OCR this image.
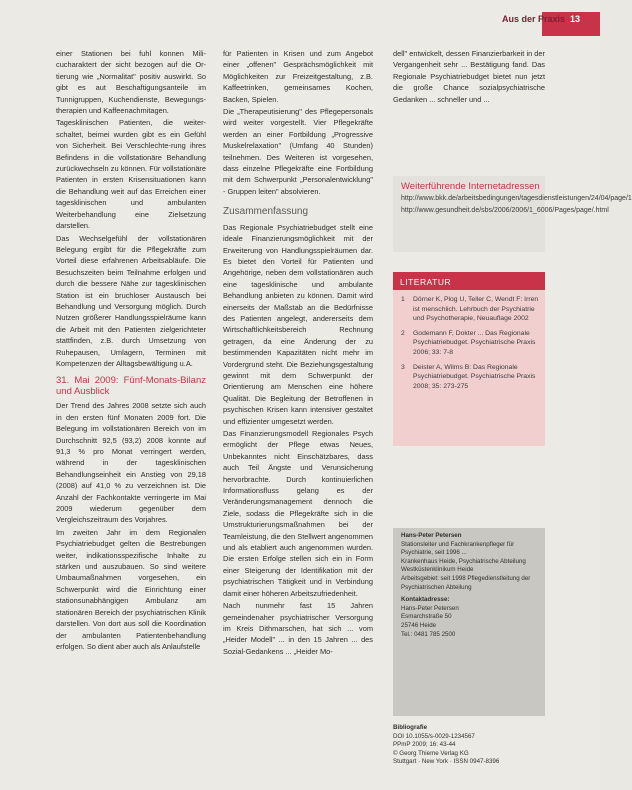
Aus der Praxis 13

einer Stationen bei fuhl konnen Mili-cucharaktert der sicht bezogen auf die Or-tierung wie „Normalitat" positiv auswirkt. So gibt es aut Beschaftigungsanteile im Tunnigruppen, Kuchendienste, Bewegungs-therapien und Kaffeenachmitagen.

Tagesklinischen Patienten, die weiter-schaltet, beimei wurden gibt es ein Gefühl von Sicherheit. Bei Verschlechte-rung ihres Befindens in die vollstationäre Behandlung zurückwechseln zu können. Für vollstationäre Patienten in ersten Krisensituationen kann die Behandlung weit auf das Erreichen einer tagesklinischen und ambulanten Weiterbehandlung eine Zielsetzung darstellen.

Das Wechselgefühl der vollstationären Belegung ergibt für die Pflegekräfte zum Vorteil diese erfahrenen Arbeitsabläufe. Die Besuchszeiten beim Teilnahme erfolgen und durch die bessere Nähe zur tagesklinischen Station ist ein bruchloser Austausch bei Behandlung und Versorgung möglich. Durch Nutzen größerer Handlungsspielräume kann die Arbeit mit den Patienten zielgerichteter stattfinden, z.B. durch Umsetzung von Ruhepausen, Umlagern, Terminen mit Kompetenzen der Alltagsbewältigung u.A.

31. Mai 2009: Fünf-Monats-Bilanz und Ausblick

Der Trend des Jahres 2008 setzte sich auch in den ersten fünf Monaten 2009 fort. Die Belegung im vollstationären Bereich von im Durchschnitt 92,5 (93,2) 2008 konnte auf 91,3 % pro Monat verringert werden, während in der tagesklinischen Behandlungseinheit ein Anstieg von 29,18 (2008) auf 41,0 % zu verzeichnen ist. Die Anzahl der Fachkontakte verringerte im Mai 2009 wiederum gegenüber dem Vergleichszeitraum des Vorjahres.

Im zweiten Jahr im dem Regionalen Psychiatriebudget gelten die Bestrebungen weiter, indikationsspezifische Inhalte zu stärken und auszubauen. So sind weitere Umbaumaßnahmen vorgesehen, ein Schwerpunkt wird die Einrichtung einer stationsunabhängigen Ambulanz am stationären Bereich der psychiatrischen Klinik darstellen. Von dort aus soll die Koordination der ambulanten Patientenbehandlung erfolgen. So dient aber auch als Anlaufstelle

für Patienten in Krisen und zum Angebot einer „offenen" Gesprächsmöglichkeit mit Möglichkeiten zur Freizeitgestaltung, z.B. Kaffeetrinken, gemeinsames Kochen, Backen, Spielen.

Die „Therapeutisierung" des Pflegepersonals wird weiter vorgestellt. Vier Pflegekräfte werden an einer Fortbildung „Progressive Muskelrelaxation" (Umfang 40 Stunden) teilnehmen. Des Weiteren ist vorgesehen, dass einzelne Pflegekräfte eine Fortbildung mit dem Schwerpunkt „Personalentwicklung" - Gruppen leiten" absolvieren.

Zusammenfassung

Das Regionale Psychiatriebudget stellt eine ideale Finanzierungsmöglichkeit mit der Erweiterung von Handlungsspielräumen dar. Es bietet den Vorteil für Patienten und Angehörige, neben dem vollstationären auch eine tagesklinische und ambulante Behandlung anbieten zu können. Damit wird einerseits der Maßstab an die Bedürfnisse des Patienten angelegt, andererseits dem Wirtschaftlichkeitsbereich Rechnung getragen, da eine Änderung der zu bestimmenden Kapazitäten nicht mehr im Vordergrund steht. Die Beziehungsgestaltung gewinnt mit dem Schwerpunkt der Orientierung am Menschen eine höhere Qualität. Die Begleitung der Betroffenen in psychischen Krisen kann intensiver gestaltet und effizienter umgesetzt werden.

Das Finanzierungsmodell Regionales Psych ermöglicht der Pflege etwas Neues, Unbekanntes nicht Einschätzbares, dass auch Teil Ängste und Verunsicherung hervorbrachte. Durch kontinuierlichen Informationsfluss gelang es der Veränderungsmanagement dennoch die Ziele, sodass die Pflegekräfte sich in die Umstrukturierungsmaßnahmen bei der Teamleistung, die den Stellwert angenommen und als etabliert auch angenommen wurden. Die ersten Erfolge stellen sich ein in Form einer Steigerung der Identifikation mit der psychiatrischen Tätigkeit und in Verbindung damit einer höheren Arbeitszufriedenheit.

Nach nunmehr fast 15 Jahren gemeindenaher psychiatrischer Versorgung im Kreis Dithmarschen, hat sich ... vom „Heider Modell" ... in den 15 Jahren ... des Sozial-Gedankens ... „Heider Mo-

dell" entwickelt, dessen Finanzierbarkeit in der Vergangenheit sehr ... Bestätigung fand. Das Regionale Psychiatriebudget bietet nun jetzt die große Chance sozialpsychiatrische Gedanken ... schneller und ...

Weiterführende Internetadressen
http://www.bkk.de/arbeitsbedingungen/tagesdienstleistungen/24/04/page/1
http://www.gesundheit.de/sbs/2006/2006/1_6006/Pages/page/.html
LITERATUR
1 Dörner K, Plog U, Teller C, Wendt F: Irren ist menschlich. Lehrbuch der Psychiatrie und Psychotherapie, Neuauflage 2002
2 Godemann F, Dokter ... Das Regionale Psychiatriebudget. Psychiatrische Praxis 2006; 33: 7-8
3 Deister A, Wilms B: Das Regionale Psychiatriebudget. Psychiatrische Praxis 2008; 35: 273-275
Hans-Peter Petersen
Stationsleiter und Fachkrankenpfleger für Psychiatrie, seit 1996 ...
Krankenhaus Heide, Psychiatrische Abteilung
Westküstenklinikum Heide
Arbeitsgebiet: seit 1998 Pflegedienstleitung der Psychiatrischen Abteilung
Kontaktadresse:
Hans-Peter Petersen
Esmarchstraße 50
25746 Heide
Tel.: 0481 785 2500
Bibliografie
DOI 10.1055/s-0029-1234567
PPmP 2009; 16: 43-44
© Georg Thieme Verlag KG
Stuttgart · New York · ISSN 0947-8396
